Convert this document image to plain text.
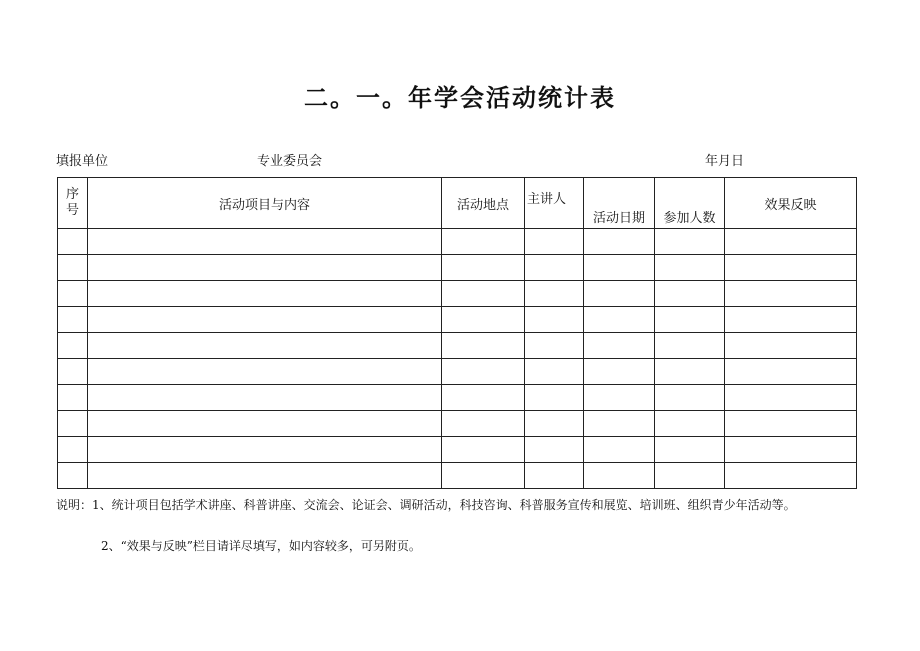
二。一。年学会活动统计表
填报单位	专业委员会	年月日
序
号	活动项目与内容	活动地点	主讲人	活动日期	参加人数	效果反映

说明：1、统计项目包括学术讲座、科普讲座、交流会、论证会、调研活动，科技咨询、科普服务宣传和展览、培训班、组织青少年活动等。
2、“效果与反映”栏目请详尽填写，如内容较多，可另附页。
